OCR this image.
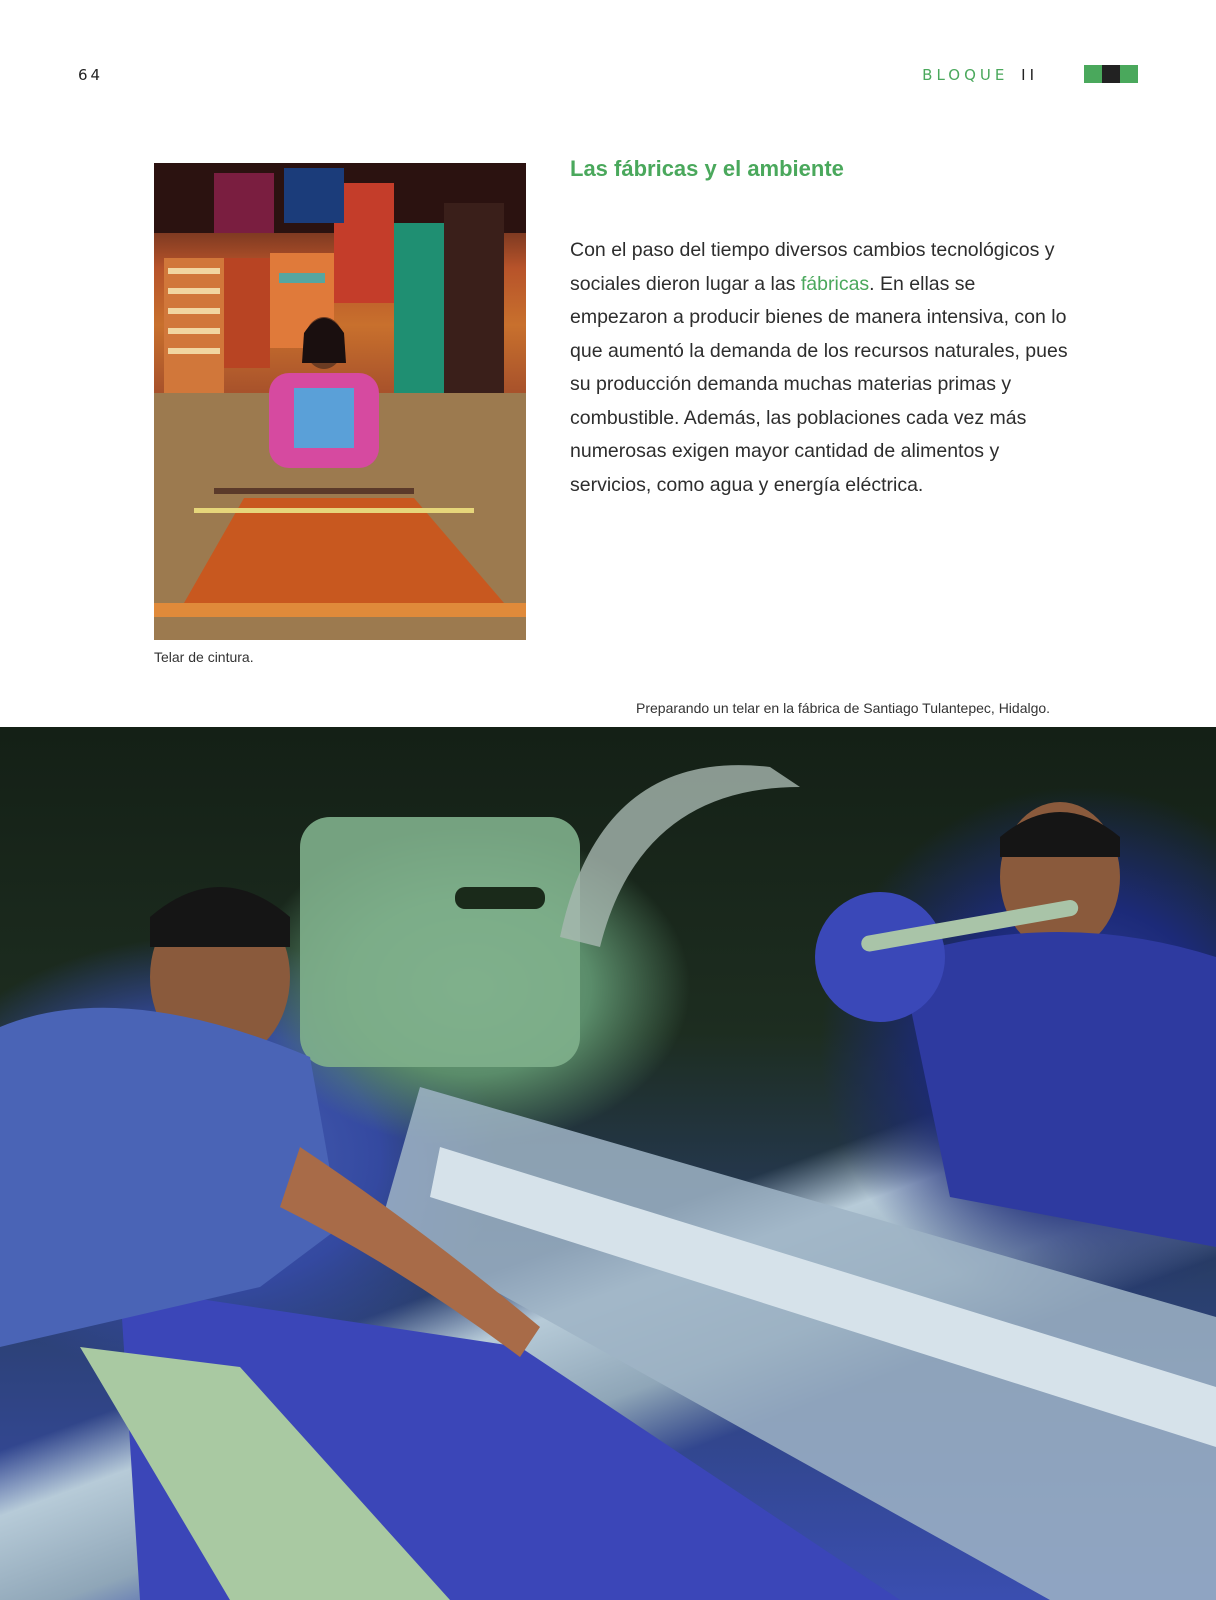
64	BLOQUE II
Telar de cintura.
Las fábricas y el ambiente

Con el paso del tiempo diversos cambios tecnológicos y sociales dieron lugar a las fábricas. En ellas se empezaron a producir bienes de manera intensiva, con lo que aumentó la demanda de los recursos naturales, pues su producción demanda muchas materias primas y combustible. Además, las poblaciones cada vez más numerosas exigen mayor cantidad de alimentos y servicios, como agua y energía eléctrica.

Preparando un telar en la fábrica de Santiago Tulantepec, Hidalgo.
